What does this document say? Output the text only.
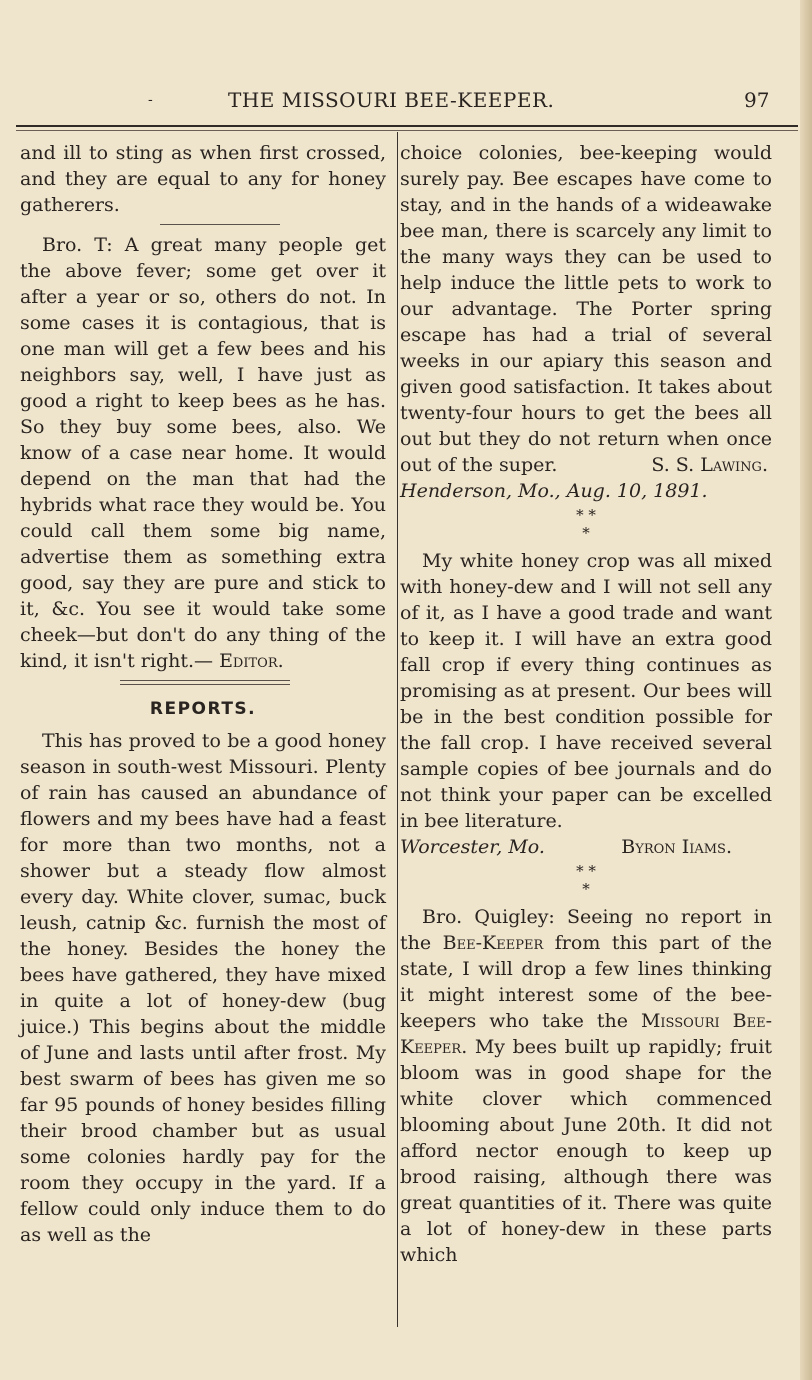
-	THE MISSOURI BEE-KEEPER.	97

and ill to sting as when first crossed, and they are equal to any for honey gatherers.

Bro. T: A great many people get the above fever; some get over it after a year or so, others do not. In some cases it is contagious, that is one man will get a few bees and his neighbors say, well, I have just as good a right to keep bees as he has. So they buy some bees, also. We know of a case near home. It would depend on the man that had the hybrids what race they would be. You could call them some big name, advertise them as something extra good, say they are pure and stick to it, &c. You see it would take some cheek—but don't do any thing of the kind, it isn't right.— Editor.

REPORTS.

This has proved to be a good honey season in south-west Missouri. Plenty of rain has caused an abundance of flowers and my bees have had a feast for more than two months, not a shower but a steady flow almost every day. White clover, sumac, buck leush, catnip &c. furnish the most of the honey. Besides the honey the bees have gathered, they have mixed in quite a lot of honey-dew (bug juice.) This begins about the middle of June and lasts until after frost. My best swarm of bees has given me so far 95 pounds of honey besides filling their brood chamber but as usual some colonies hardly pay for the room they occupy in the yard. If a fellow could only induce them to do as well as the

choice colonies, bee-keeping would surely pay. Bee escapes have come to stay, and in the hands of a wideawake bee man, there is scarcely any limit to the many ways they can be used to help induce the little pets to work to our advantage. The Porter spring escape has had a trial of several weeks in our apiary this season and given good satisfaction. It takes about twenty-four hours to get the bees all out but they do not return when once out of the super.	S. S. Lawing.

Henderson, Mo., Aug. 10, 1891.

* *
*

My white honey crop was all mixed with honey-dew and I will not sell any of it, as I have a good trade and want to keep it. I will have an extra good fall crop if every thing continues as promising as at present. Our bees will be in the best condition possible for the fall crop. I have received several sample copies of bee journals and do not think your paper can be excelled in bee literature.

Worcester, Mo.	Byron Iiams.
* *
*

Bro. Quigley: Seeing no report in the Bee-Keeper from this part of the state, I will drop a few lines thinking it might interest some of the bee-keepers who take the Missouri Bee-Keeper. My bees built up rapidly; fruit bloom was in good shape for the white clover which commenced blooming about June 20th. It did not afford nector enough to keep up brood raising, although there was great quantities of it. There was quite a lot of honey-dew in these parts which
